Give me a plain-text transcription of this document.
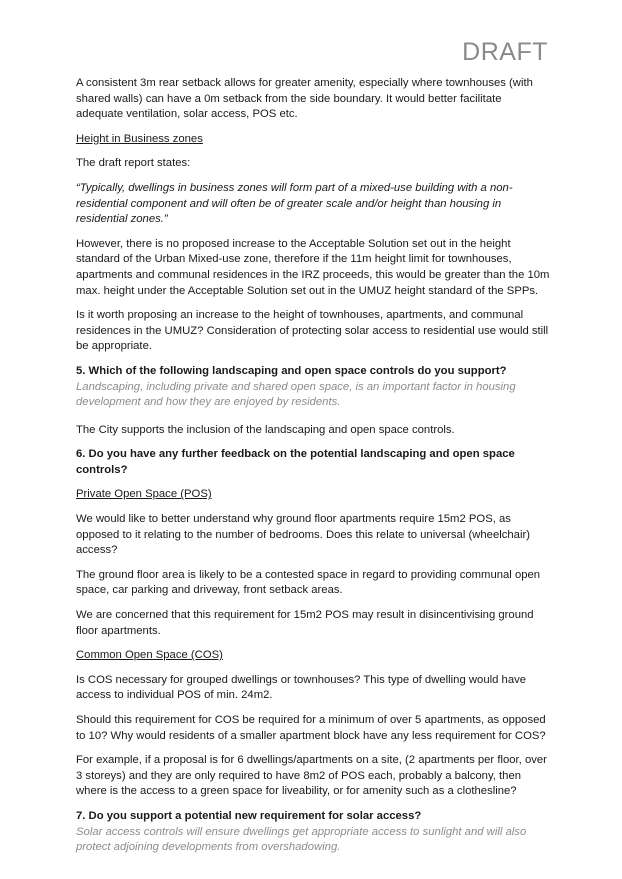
DRAFT

A consistent 3m rear setback allows for greater amenity, especially where townhouses (with shared walls) can have a 0m setback from the side boundary. It would better facilitate adequate ventilation, solar access, POS etc.

Height in Business zones

The draft report states:

“Typically, dwellings in business zones will form part of a mixed-use building with a non-residential component and will often be of greater scale and/or height than housing in residential zones.”

However, there is no proposed increase to the Acceptable Solution set out in the height standard of the Urban Mixed-use zone, therefore if the 11m height limit for townhouses, apartments and communal residences in the IRZ proceeds, this would be greater than the 10m max. height under the Acceptable Solution set out in the UMUZ height standard of the SPPs.

Is it worth proposing an increase to the height of townhouses, apartments, and communal residences in the UMUZ? Consideration of protecting solar access to residential use would still be appropriate.

5. Which of the following landscaping and open space controls do you support?

Landscaping, including private and shared open space, is an important factor in housing development and how they are enjoyed by residents.

The City supports the inclusion of the landscaping and open space controls.

6. Do you have any further feedback on the potential landscaping and open space controls?

Private Open Space (POS)

We would like to better understand why ground floor apartments require 15m2 POS, as opposed to it relating to the number of bedrooms. Does this relate to universal (wheelchair) access?

The ground floor area is likely to be a contested space in regard to providing communal open space, car parking and driveway, front setback areas.

We are concerned that this requirement for 15m2 POS may result in disincentivising ground floor apartments.

Common Open Space (COS)

Is COS necessary for grouped dwellings or townhouses? This type of dwelling would have access to individual POS of min. 24m2.

Should this requirement for COS be required for a minimum of over 5 apartments, as opposed to 10? Why would residents of a smaller apartment block have any less requirement for COS?

For example, if a proposal is for 6 dwellings/apartments on a site, (2 apartments per floor, over 3 storeys) and they are only required to have 8m2 of POS each, probably a balcony, then where is the access to a green space for liveability, or for amenity such as a clothesline?

7. Do you support a potential new requirement for solar access?

Solar access controls will ensure dwellings get appropriate access to sunlight and will also protect adjoining developments from overshadowing.
